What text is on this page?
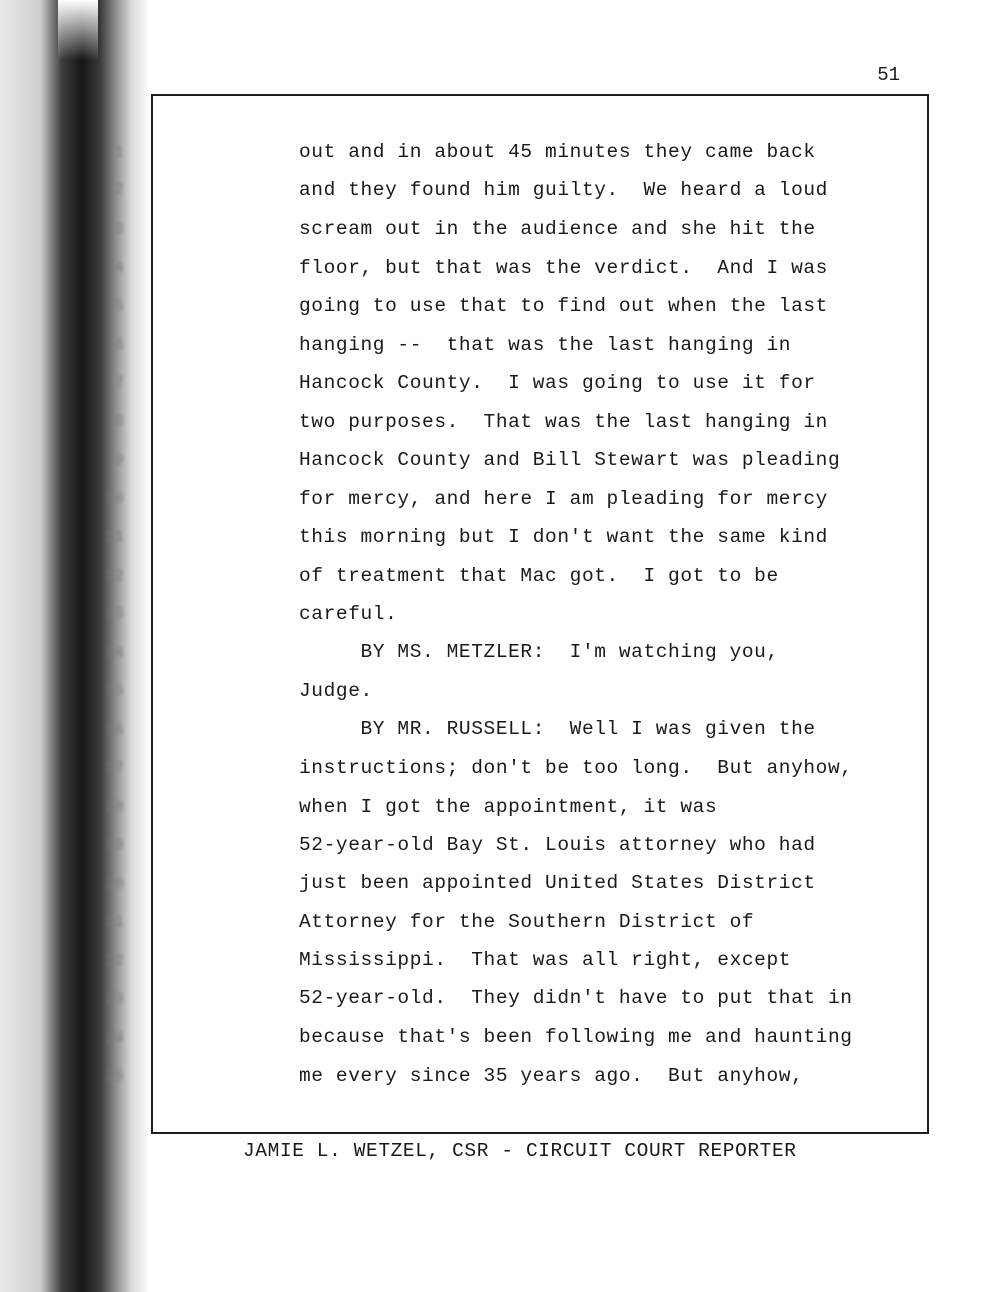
1
2
3
4
5
6
7
8
9
10
11
12
13
14
15
16
17
18
19
20
21
22
23
24
25
51
out and in about 45 minutes they came back
and they found him guilty.  We heard a loud
scream out in the audience and she hit the
floor, but that was the verdict.  And I was
going to use that to find out when the last
hanging --  that was the last hanging in
Hancock County.  I was going to use it for
two purposes.  That was the last hanging in
Hancock County and Bill Stewart was pleading
for mercy, and here I am pleading for mercy
this morning but I don't want the same kind
of treatment that Mac got.  I got to be
careful.
BY MS. METZLER:  I'm watching you,
Judge.
BY MR. RUSSELL:  Well I was given the
instructions; don't be too long.  But anyhow,
when I got the appointment, it was
52-year-old Bay St. Louis attorney who had
just been appointed United States District
Attorney for the Southern District of
Mississippi.  That was all right, except
52-year-old.  They didn't have to put that in
because that's been following me and haunting
me every since 35 years ago.  But anyhow,
JAMIE L. WETZEL, CSR - CIRCUIT COURT REPORTER
